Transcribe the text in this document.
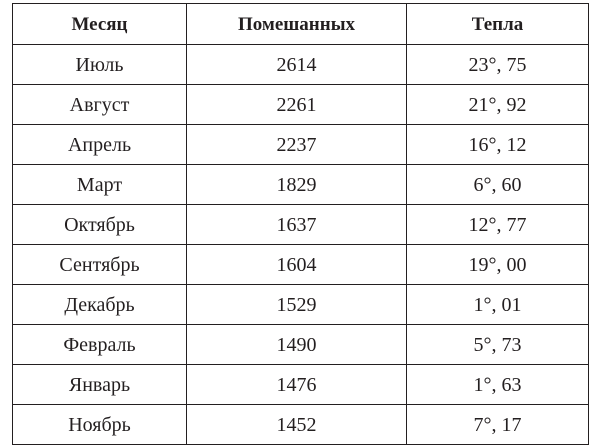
Месяц	Помешанных	Тепла
Июль	2614	23°, 75
Август	2261	21°, 92
Апрель	2237	16°, 12
Март	1829	6°, 60
Октябрь	1637	12°, 77
Сентябрь	1604	19°, 00
Декабрь	1529	1°, 01
Февраль	1490	5°, 73
Январь	1476	1°, 63
Ноябрь	1452	7°, 17
